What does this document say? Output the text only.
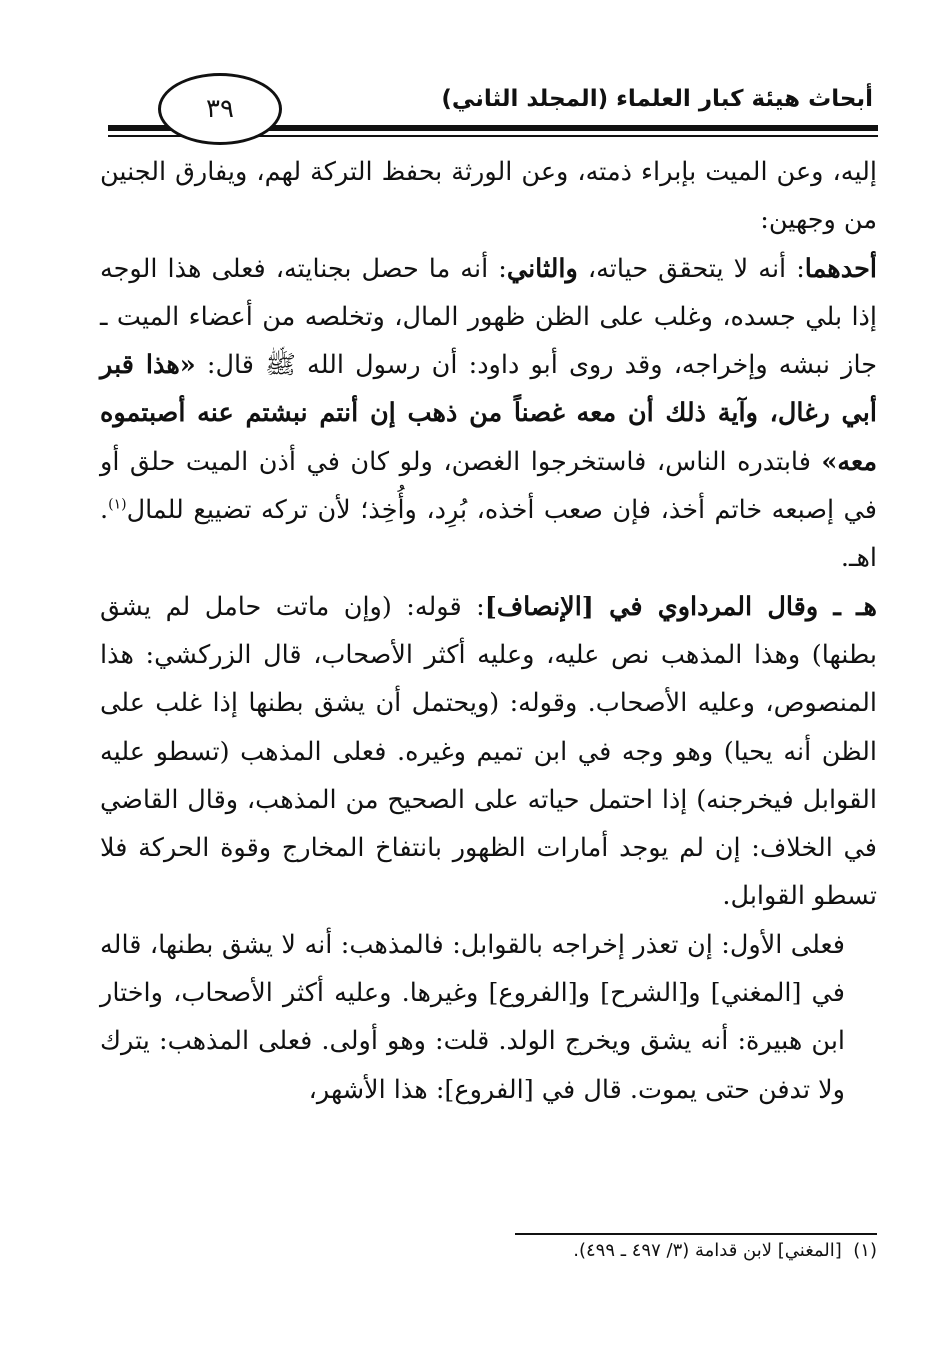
أبحاث هيئة كبار العلماء (المجلد الثاني)
٣٩

إليه، وعن الميت بإبراء ذمته، وعن الورثة بحفظ التركة لهم، ويفارق الجنين من وجهين:

أحدهما: أنه لا يتحقق حياته، والثاني: أنه ما حصل بجنايته، فعلى هذا الوجه إذا بلي جسده، وغلب على الظن ظهور المال، وتخلصه من أعضاء الميت ـ جاز نبشه وإخراجه، وقد روى أبو داود: أن رسول الله ﷺ قال: «هذا قبر أبي رغال، وآية ذلك أن معه غصناً من ذهب إن أنتم نبشتم عنه أصبتموه معه» فابتدره الناس، فاستخرجوا الغصن، ولو كان في أذن الميت حلق أو في إصبعه خاتم أخذ، فإن صعب أخذه، بُرِد، وأُخِذ؛ لأن تركه تضييع للمال$^{(١)}$. اهـ.

هـ ـ وقال المرداوي في [الإنصاف]: قوله: (وإن ماتت حامل لم يشق بطنها) وهذا المذهب نص عليه، وعليه أكثر الأصحاب، قال الزركشي: هذا المنصوص، وعليه الأصحاب. وقوله: (ويحتمل أن يشق بطنها إذا غلب على الظن أنه يحيا) وهو وجه في ابن تميم وغيره. فعلى المذهب (تسطو عليه القوابل فيخرجنه) إذا احتمل حياته على الصحيح من المذهب، وقال القاضي في الخلاف: إن لم يوجد أمارات الظهور بانتفاخ المخارج وقوة الحركة فلا تسطو القوابل.

فعلى الأول: إن تعذر إخراجه بالقوابل: فالمذهب: أنه لا يشق بطنها، قاله في [المغني] و[الشرح] و[الفروع] وغيرها. وعليه أكثر الأصحاب، واختار ابن هبيرة: أنه يشق ويخرج الولد. قلت: وهو أولى. فعلى المذهب: يترك ولا تدفن حتى يموت. قال في [الفروع]: هذا الأشهر،

(١)  [المغني] لابن قدامة (٣/ ٤٩٧ ـ ٤٩٩).
